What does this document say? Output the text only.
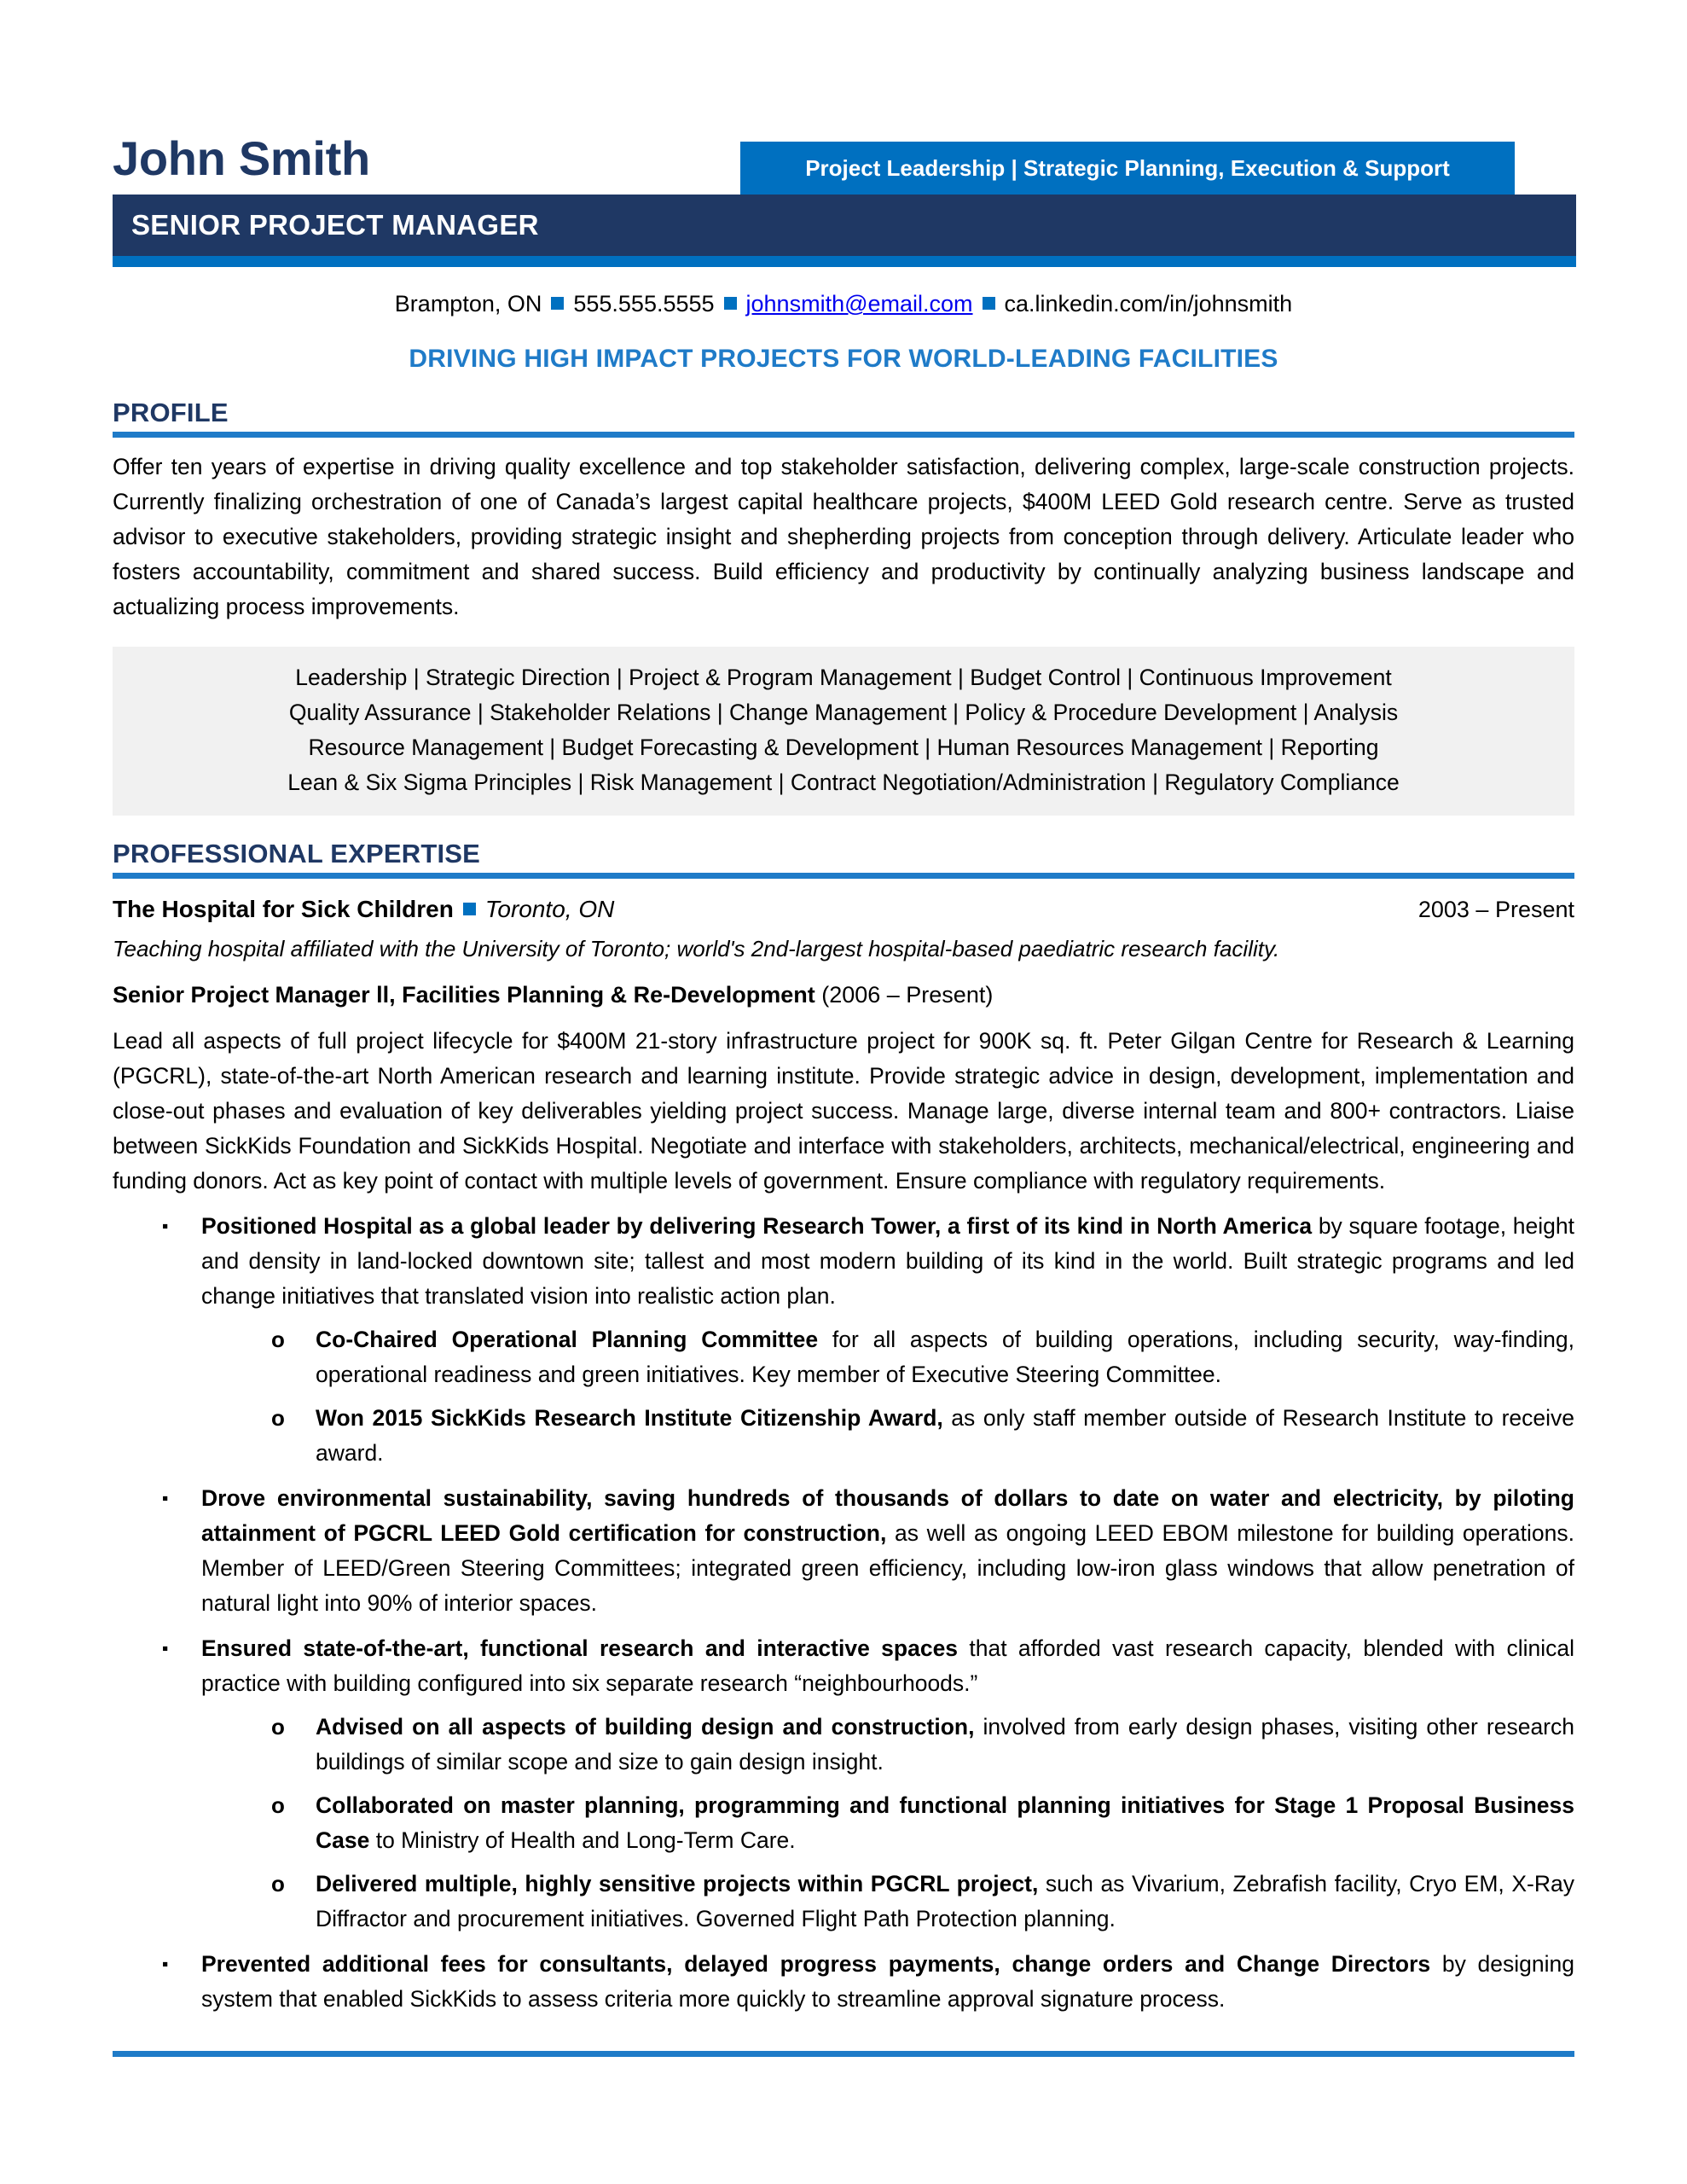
John Smith	Project Leadership | Strategic Planning, Execution & Support
SENIOR PROJECT MANAGER
Brampton, ON 555.555.5555 johnsmith@email.com ca.linkedin.com/in/johnsmith
DRIVING HIGH IMPACT PROJECTS FOR WORLD-LEADING FACILITIES
PROFILE
Offer ten years of expertise in driving quality excellence and top stakeholder satisfaction, delivering complex, large-scale construction projects. Currently finalizing orchestration of one of Canada’s largest capital healthcare projects, $400M LEED Gold research centre. Serve as trusted advisor to executive stakeholders, providing strategic insight and shepherding projects from conception through delivery. Articulate leader who fosters accountability, commitment and shared success. Build efficiency and productivity by continually analyzing business landscape and actualizing process improvements.
Leadership | Strategic Direction | Project & Program Management | Budget Control | Continuous Improvement
Quality Assurance | Stakeholder Relations | Change Management | Policy & Procedure Development | Analysis
Resource Management | Budget Forecasting & Development | Human Resources Management | Reporting
Lean & Six Sigma Principles | Risk Management | Contract Negotiation/Administration | Regulatory Compliance
PROFESSIONAL EXPERTISE
The Hospital for Sick Children Toronto, ON	2003 – Present
Teaching hospital affiliated with the University of Toronto; world's 2nd-largest hospital-based paediatric research facility.
Senior Project Manager ll, Facilities Planning & Re-Development (2006 – Present)
Lead all aspects of full project lifecycle for $400M 21-story infrastructure project for 900K sq. ft. Peter Gilgan Centre for Research & Learning (PGCRL), state-of-the-art North American research and learning institute. Provide strategic advice in design, development, implementation and close-out phases and evaluation of key deliverables yielding project success. Manage large, diverse internal team and 800+ contractors. Liaise between SickKids Foundation and SickKids Hospital. Negotiate and interface with stakeholders, architects, mechanical/electrical, engineering and funding donors. Act as key point of contact with multiple levels of government. Ensure compliance with regulatory requirements.
▪	Positioned Hospital as a global leader by delivering Research Tower, a first of its kind in North America by square footage, height and density in land-locked downtown site; tallest and most modern building of its kind in the world. Built strategic programs and led change initiatives that translated vision into realistic action plan.
o	Co-Chaired Operational Planning Committee for all aspects of building operations, including security, way-finding, operational readiness and green initiatives. Key member of Executive Steering Committee.
o	Won 2015 SickKids Research Institute Citizenship Award, as only staff member outside of Research Institute to receive award.
▪	Drove environmental sustainability, saving hundreds of thousands of dollars to date on water and electricity, by piloting attainment of PGCRL LEED Gold certification for construction, as well as ongoing LEED EBOM milestone for building operations. Member of LEED/Green Steering Committees; integrated green efficiency, including low-iron glass windows that allow penetration of natural light into 90% of interior spaces.
▪	Ensured state-of-the-art, functional research and interactive spaces that afforded vast research capacity, blended with clinical practice with building configured into six separate research “neighbourhoods.”
o	Advised on all aspects of building design and construction, involved from early design phases, visiting other research buildings of similar scope and size to gain design insight.
o	Collaborated on master planning, programming and functional planning initiatives for Stage 1 Proposal Business Case to Ministry of Health and Long-Term Care.
o	Delivered multiple, highly sensitive projects within PGCRL project, such as Vivarium, Zebrafish facility, Cryo EM, X-Ray Diffractor and procurement initiatives. Governed Flight Path Protection planning.
▪	Prevented additional fees for consultants, delayed progress payments, change orders and Change Directors by designing system that enabled SickKids to assess criteria more quickly to streamline approval signature process.
